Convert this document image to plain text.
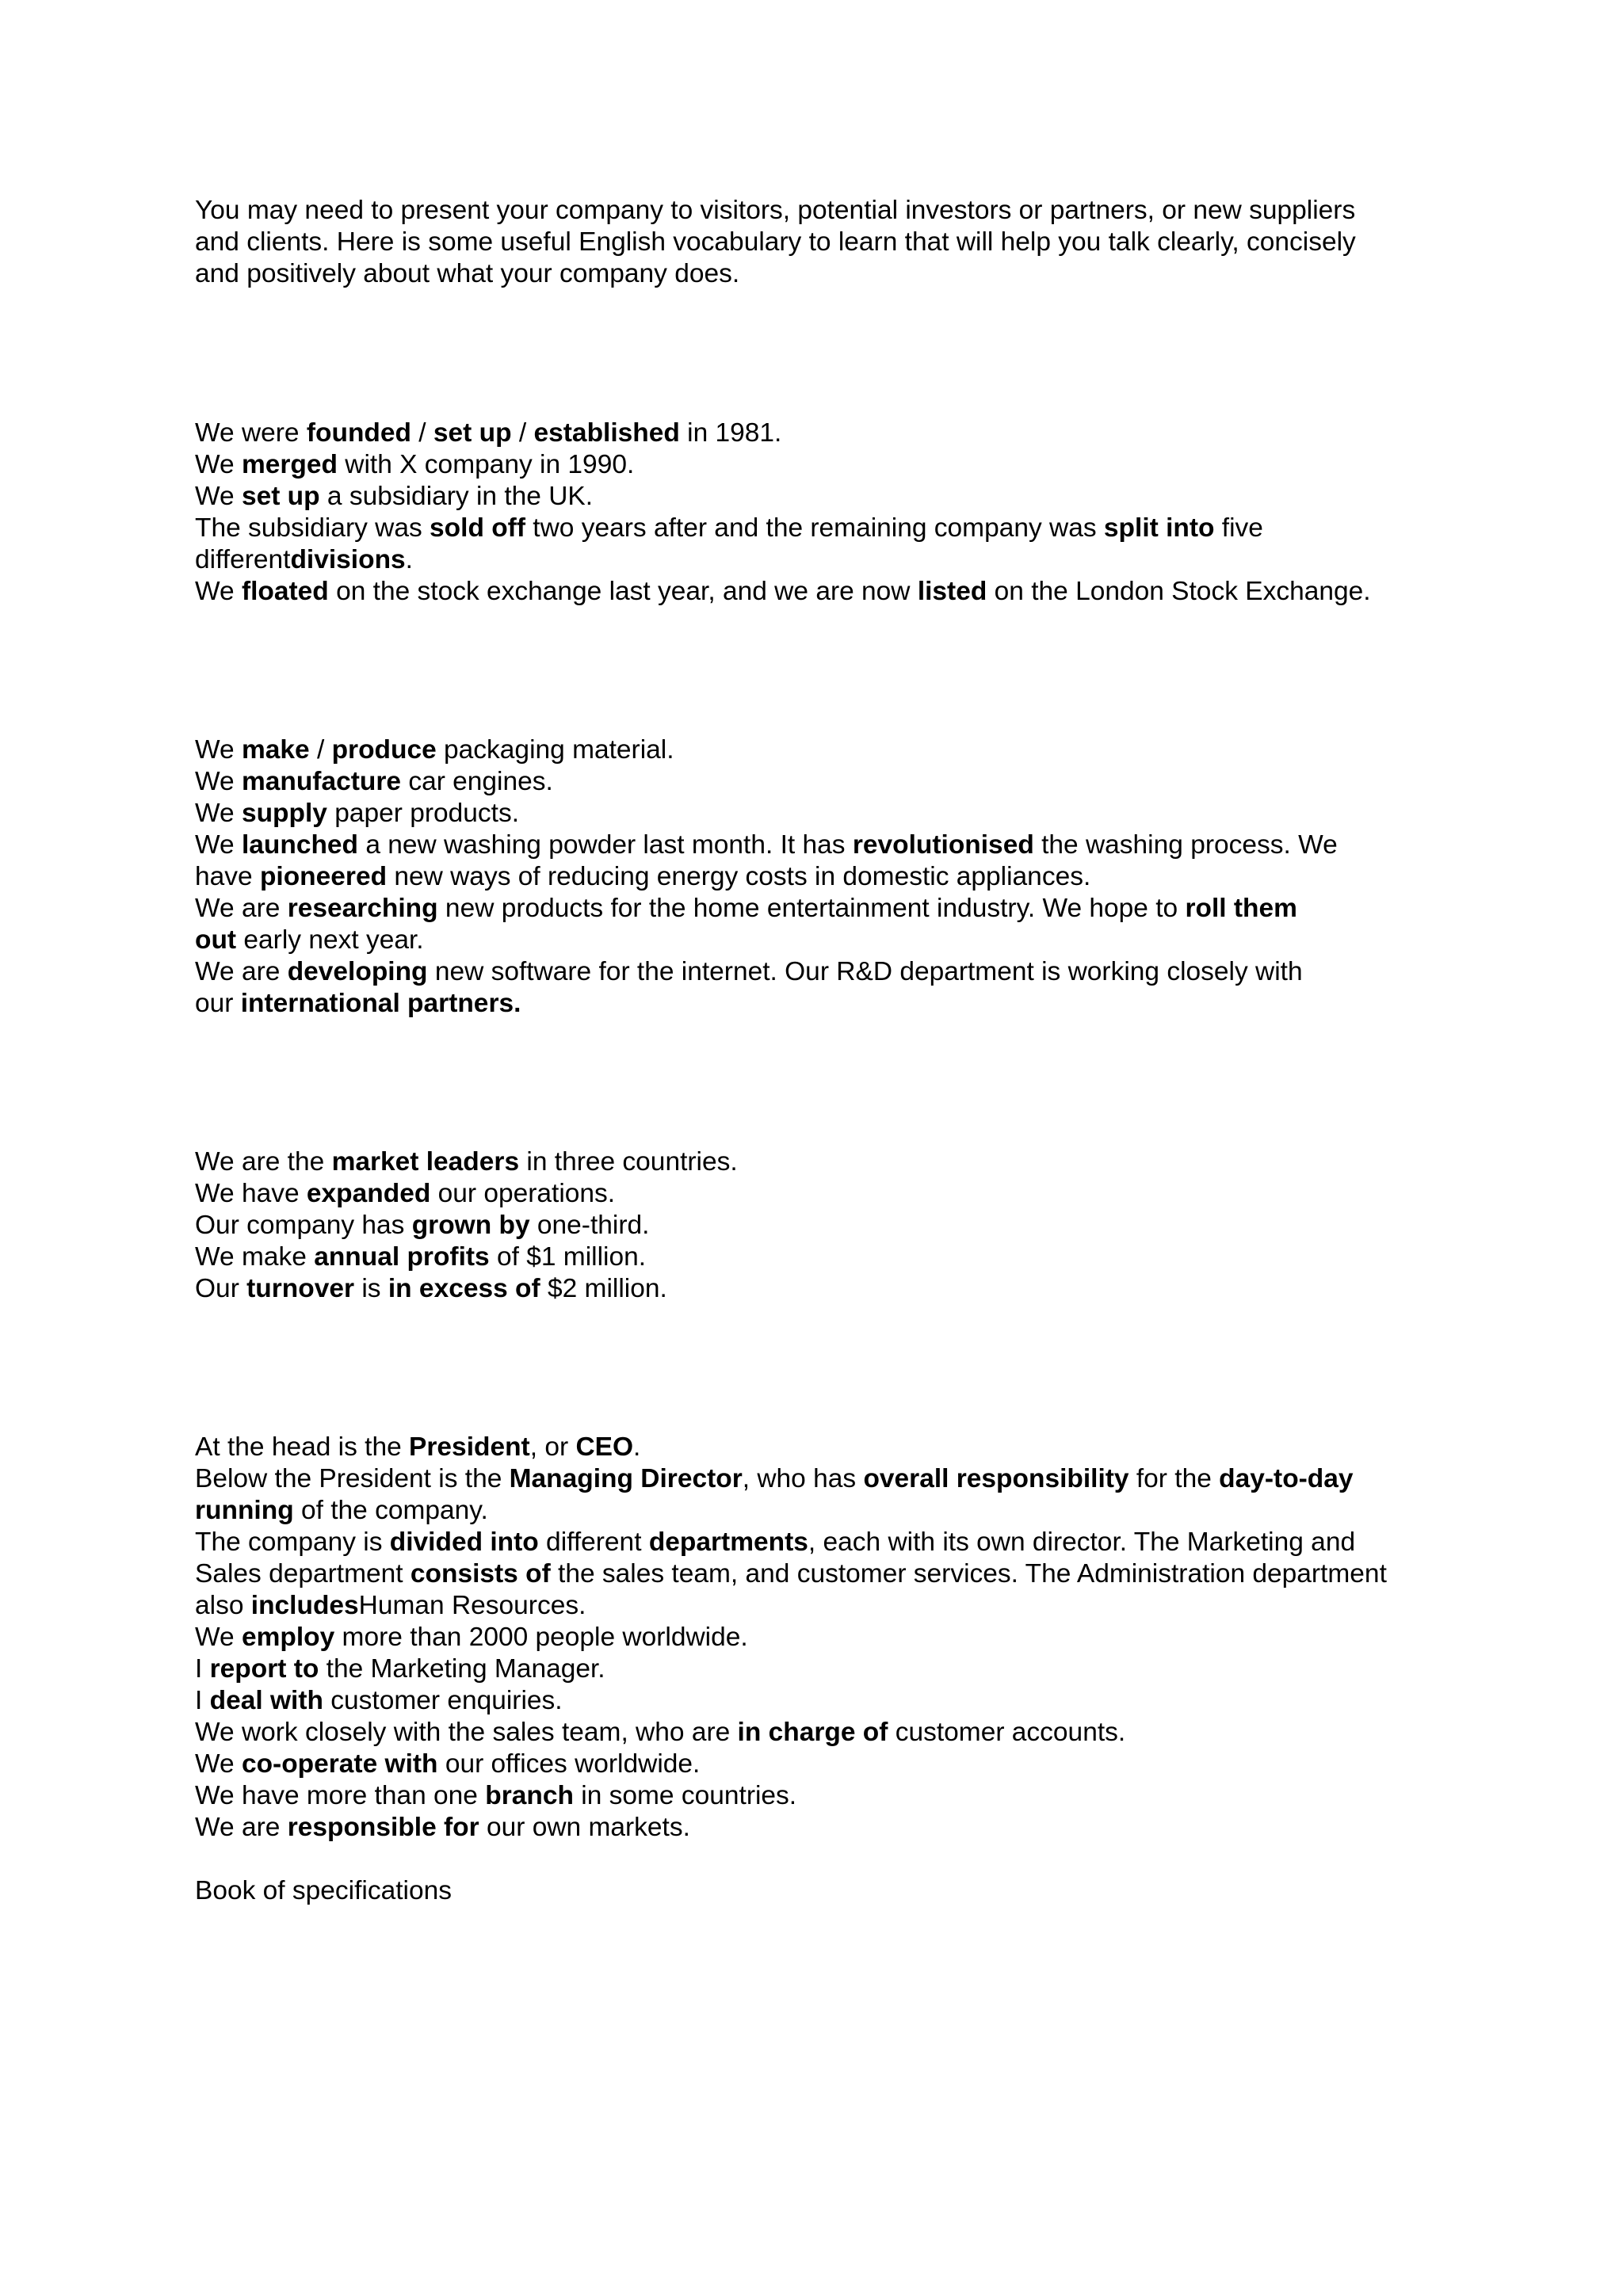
You may need to present your company to visitors, potential investors or partners, or new suppliers
and clients. Here is some useful English vocabulary to learn that will help you talk clearly, concisely
and positively about what your company does.
We were founded / set up / established in 1981.
We merged with X company in 1990.
We set up a subsidiary in the UK.
The subsidiary was sold off two years after and the remaining company was split into five
differentdivisions.
We floated on the stock exchange last year, and we are now listed on the London Stock Exchange.
We make / produce packaging material.
We manufacture car engines.
We supply paper products.
We launched a new washing powder last month. It has revolutionised the washing process. We
have pioneered new ways of reducing energy costs in domestic appliances.
We are researching new products for the home entertainment industry. We hope to roll them
out early next year.
We are developing new software for the internet. Our R&D department is working closely with
our international partners.
We are the market leaders in three countries.
We have expanded our operations.
Our company has grown by one-third.
We make annual profits of $1 million.
Our turnover is in excess of $2 million.
At the head is the President, or CEO.
Below the President is the Managing Director, who has overall responsibility for the day-to-day
running of the company.
The company is divided into different departments, each with its own director. The Marketing and
Sales department consists of the sales team, and customer services. The Administration department
also includesHuman Resources.
We employ more than 2000 people worldwide.
I report to the Marketing Manager.
I deal with customer enquiries.
We work closely with the sales team, who are in charge of customer accounts.
We co-operate with our offices worldwide.
We have more than one branch in some countries.
We are responsible for our own markets.
Book of specifications
